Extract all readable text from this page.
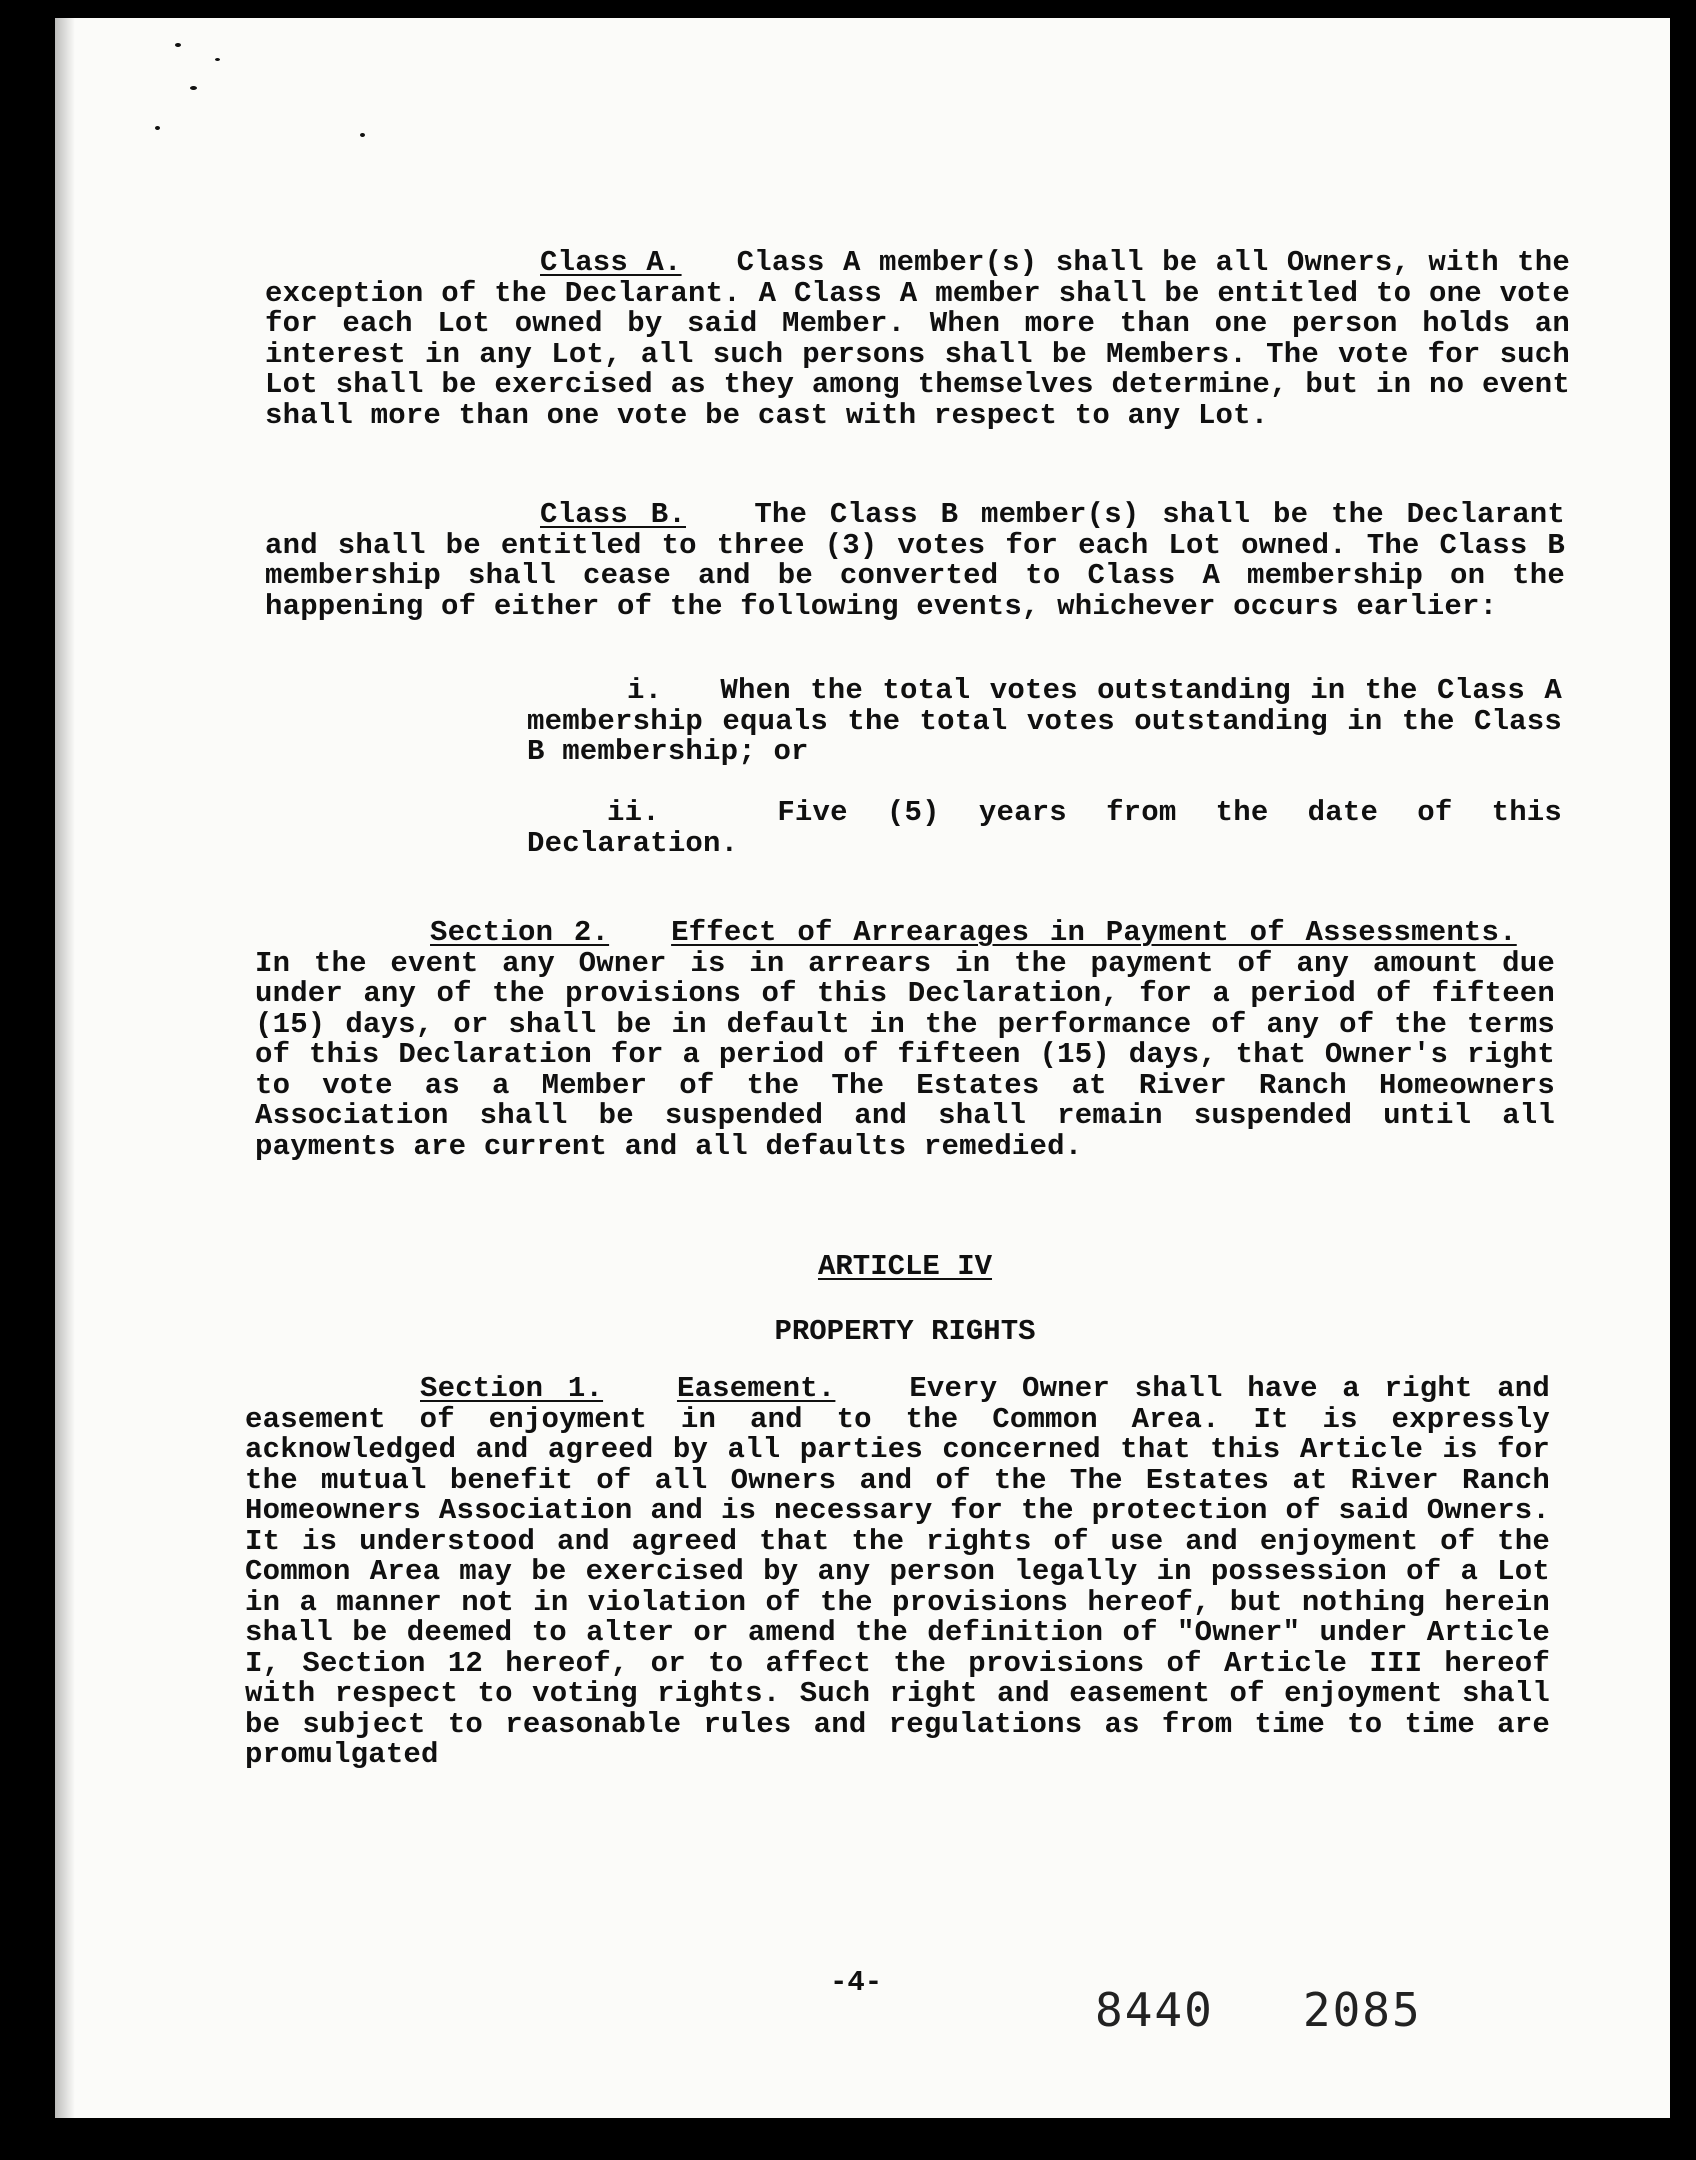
Class A. Class A member(s) shall be all Owners, with the exception of the Declarant. A Class A member shall be entitled to one vote for each Lot owned by said Member. When more than one person holds an interest in any Lot, all such persons shall be Members. The vote for such Lot shall be exercised as they among themselves determine, but in no event shall more than one vote be cast with respect to any Lot.

Class B. The Class B member(s) shall be the Declarant and shall be entitled to three (3) votes for each Lot owned. The Class B membership shall cease and be converted to Class A membership on the happening of either of the following events, whichever occurs earlier:

i. When the total votes outstanding in the Class A membership equals the total votes outstanding in the Class B membership; or

ii.	Five (5) years from the date of this Declaration.

Section 2. Effect of Arrearages in Payment of Assessments.   In the event any Owner is in arrears in the payment of any amount due under any of the provisions of this Declaration, for a period of fifteen (15) days, or shall be in default in the performance of any of the terms of this Declaration for a period of fifteen (15) days, that Owner's right to vote as a Member of the The Estates at River Ranch Homeowners Association shall be suspended and shall remain suspended until all payments are current and all defaults remedied.

ARTICLE IV
PROPERTY RIGHTS

Section 1.	Easement.	Every Owner shall have a right and easement of enjoyment in and to the Common Area. It is expressly acknowledged and agreed by all parties concerned that this Article is for the mutual benefit of all Owners and of the The Estates at River Ranch Homeowners Association and is necessary for the protection of said Owners. It is understood and agreed that the rights of use and enjoyment of the Common Area may be exercised by any person legally in possession of a Lot in a manner not in violation of the provisions hereof, but nothing herein shall be deemed to alter or amend the definition of "Owner" under Article I, Section 12 hereof, or to affect the provisions of Article III hereof with respect to voting rights. Such right and easement of enjoyment shall be subject to reasonable rules and regulations as from time to time are promulgated

-4-
8440 2085
